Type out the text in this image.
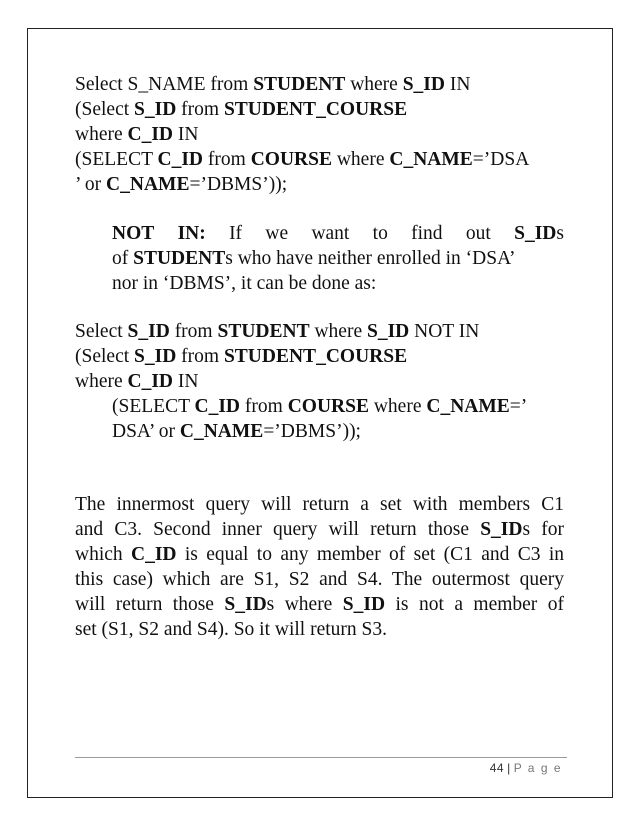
Select S_NAME from STUDENT where S_ID IN
(Select S_ID from STUDENT_COURSE
where C_ID IN
(SELECT C_ID from COURSE where C_NAME=’DSA
’ or C_NAME=’DBMS’));
NOT IN: If we want to find out S_IDs
of STUDENTs who have neither enrolled in ‘DSA’
nor in ‘DBMS’, it can be done as:
Select S_ID from STUDENT where S_ID NOT IN
(Select S_ID from STUDENT_COURSE
where C_ID IN
(SELECT C_ID from COURSE where C_NAME=’
DSA’ or C_NAME=’DBMS’));
The innermost query will return a set with members C1
and C3. Second inner query will return those S_IDs for
which C_ID is equal to any member of set (C1 and C3 in
this case) which are S1, S2 and S4. The outermost query
will return those S_IDs where S_ID is not a member of
set (S1, S2 and S4). So it will return S3.
44 | P a g e
